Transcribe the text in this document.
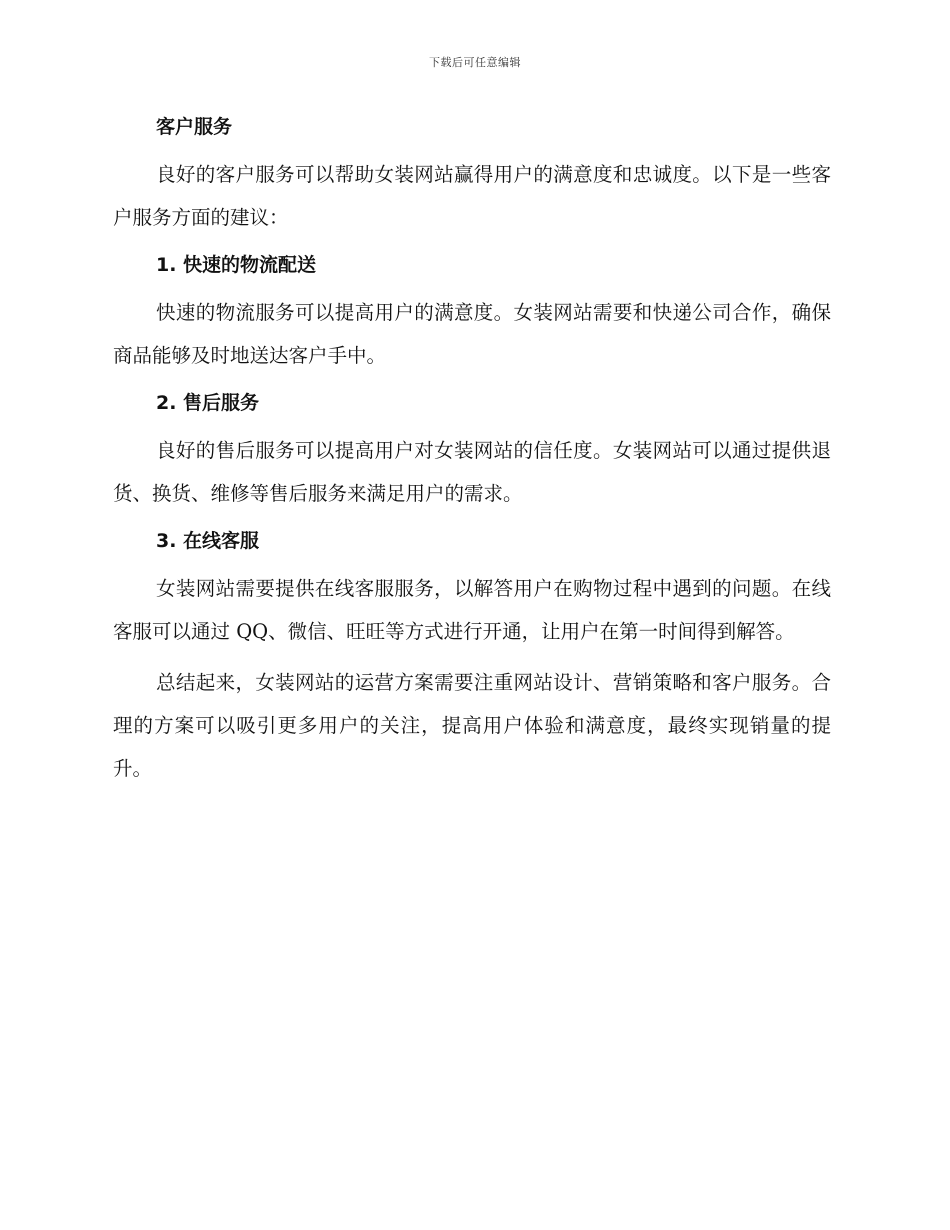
下载后可任意编辑
客户服务

良好的客户服务可以帮助女装网站赢得用户的满意度和忠诚度。以下是一些客户服务方面的建议：

1. 快速的物流配送

快速的物流服务可以提高用户的满意度。女装网站需要和快递公司合作，确保商品能够及时地送达客户手中。

2. 售后服务

良好的售后服务可以提高用户对女装网站的信任度。女装网站可以通过提供退货、换货、维修等售后服务来满足用户的需求。

3. 在线客服

女装网站需要提供在线客服服务，以解答用户在购物过程中遇到的问题。在线客服可以通过 QQ、微信、旺旺等方式进行开通，让用户在第一时间得到解答。

总结起来，女装网站的运营方案需要注重网站设计、营销策略和客户服务。合理的方案可以吸引更多用户的关注，提高用户体验和满意度，最终实现销量的提升。
